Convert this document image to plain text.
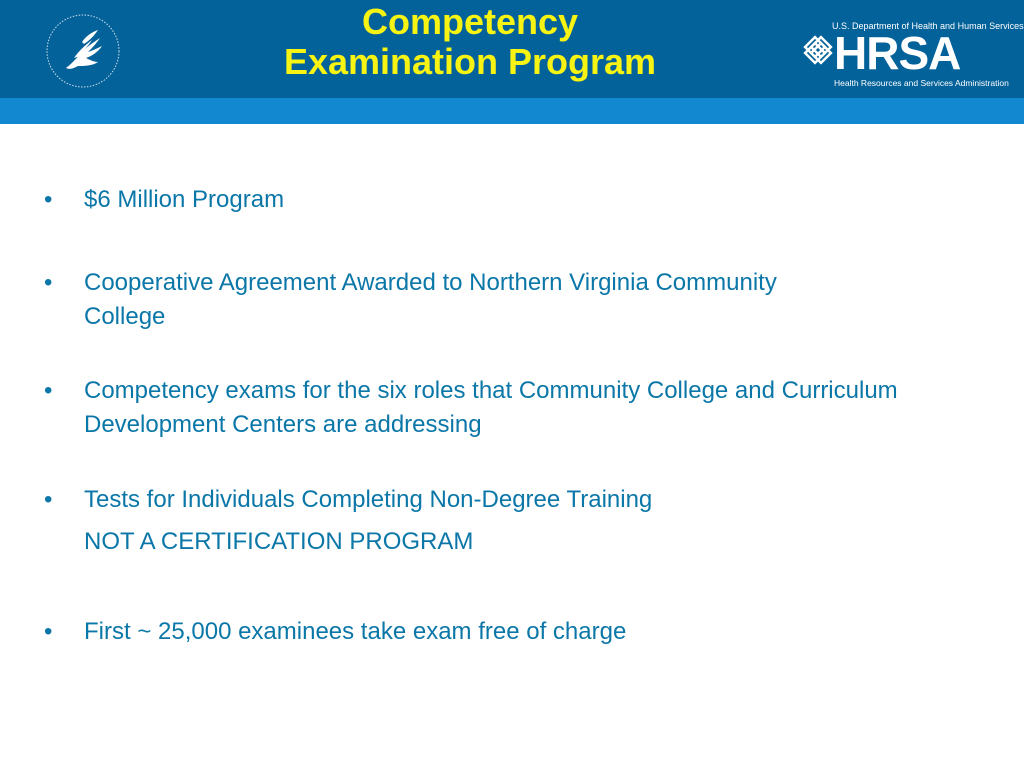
Competency
Examination Program
U.S. Department of Health and Human Services
HRSA
Health Resources and Services Administration
•	$6 Million Program
•	Cooperative Agreement Awarded to Northern Virginia Community College
•	Competency exams for the six roles that Community College and Curriculum Development Centers are addressing
•	Tests for Individuals Completing Non-Degree Training
NOT A CERTIFICATION PROGRAM
•	First ~ 25,000 examinees take exam free of charge
